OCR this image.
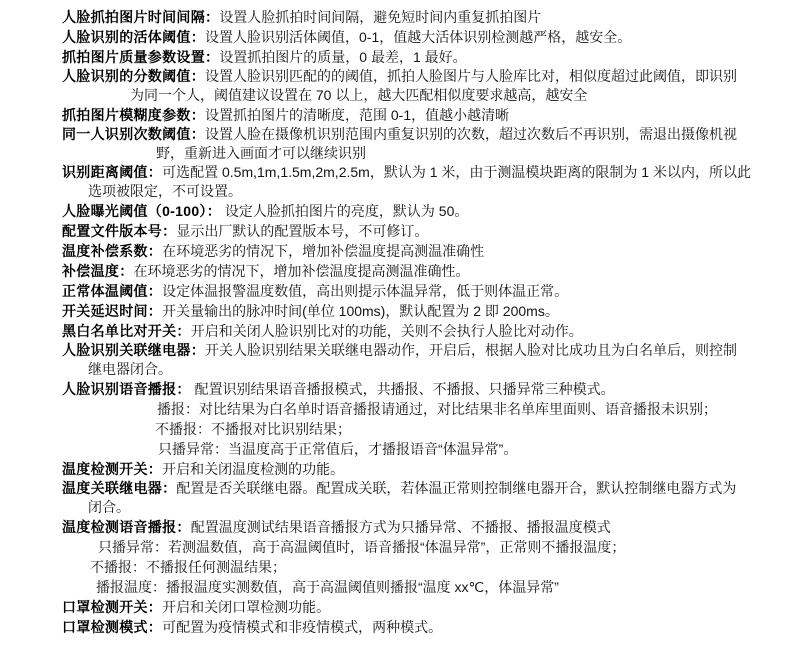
人脸抓拍图片时间间隔：设置人脸抓拍时间间隔，避免短时间内重复抓拍图片
人脸识别的活体阈值：设置人脸识别活体阈值，0-1，值越大活体识别检测越严格，越安全。
抓拍图片质量参数设置：设置抓拍图片的质量，0 最差，1 最好。
人脸识别的分数阈值：设置人脸识别匹配的的阈值，抓拍人脸图片与人脸库比对，相似度超过此阈值，即识别
为同一个人，阈值建议设置在 70 以上，越大匹配相似度要求越高，越安全
抓拍图片模糊度参数：设置抓拍图片的清晰度，范围 0-1，值越小越清晰
同一人识别次数阈值：设置人脸在摄像机识别范围内重复识别的次数，超过次数后不再识别，需退出摄像机视
野，重新进入画面才可以继续识别
识别距离阈值：可选配置 0.5m,1m,1.5m,2m,2.5m，默认为 1 米，由于测温模块距离的限制为 1 米以内，所以此
选项被限定，不可设置。
人脸曝光阈值（0-100）： 设定人脸抓拍图片的亮度，默认为 50。
配置文件版本号：显示出厂默认的配置版本号，不可修订。
温度补偿系数：在环境恶劣的情况下，增加补偿温度提高测温准确性
补偿温度：在环境恶劣的情况下，增加补偿温度提高测温准确性。
正常体温阈值：设定体温报警温度数值，高出则提示体温异常，低于则体温正常。
开关延迟时间：开关量输出的脉冲时间(单位 100ms)，默认配置为 2 即 200ms。
黑白名单比对开关：开启和关闭人脸识别比对的功能，关则不会执行人脸比对动作。
人脸识别关联继电器：开关人脸识别结果关联继电器动作，开启后，根据人脸对比成功且为白名单后，则控制
继电器闭合。
人脸识别语音播报： 配置识别结果语音播报模式，共播报、不播报、只播异常三种模式。
播报：对比结果为白名单时语音播报请通过，对比结果非名单库里面则、语音播报未识别；
不播报：不播报对比识别结果；
只播异常：当温度高于正常值后，才播报语音“体温异常”。
温度检测开关：开启和关闭温度检测的功能。
温度关联继电器：配置是否关联继电器。配置成关联，若体温正常则控制继电器开合，默认控制继电器方式为
闭合。
温度检测语音播报：配置温度测试结果语音播报方式为只播异常、不播报、播报温度模式
只播异常：若测温数值，高于高温阈值时，语音播报“体温异常”，正常则不播报温度；
不播报：不播报任何测温结果；
播报温度：播报温度实测数值，高于高温阈值则播报“温度 xx℃，体温异常”
口罩检测开关：开启和关闭口罩检测功能。
口罩检测模式：可配置为疫情模式和非疫情模式，两种模式。
